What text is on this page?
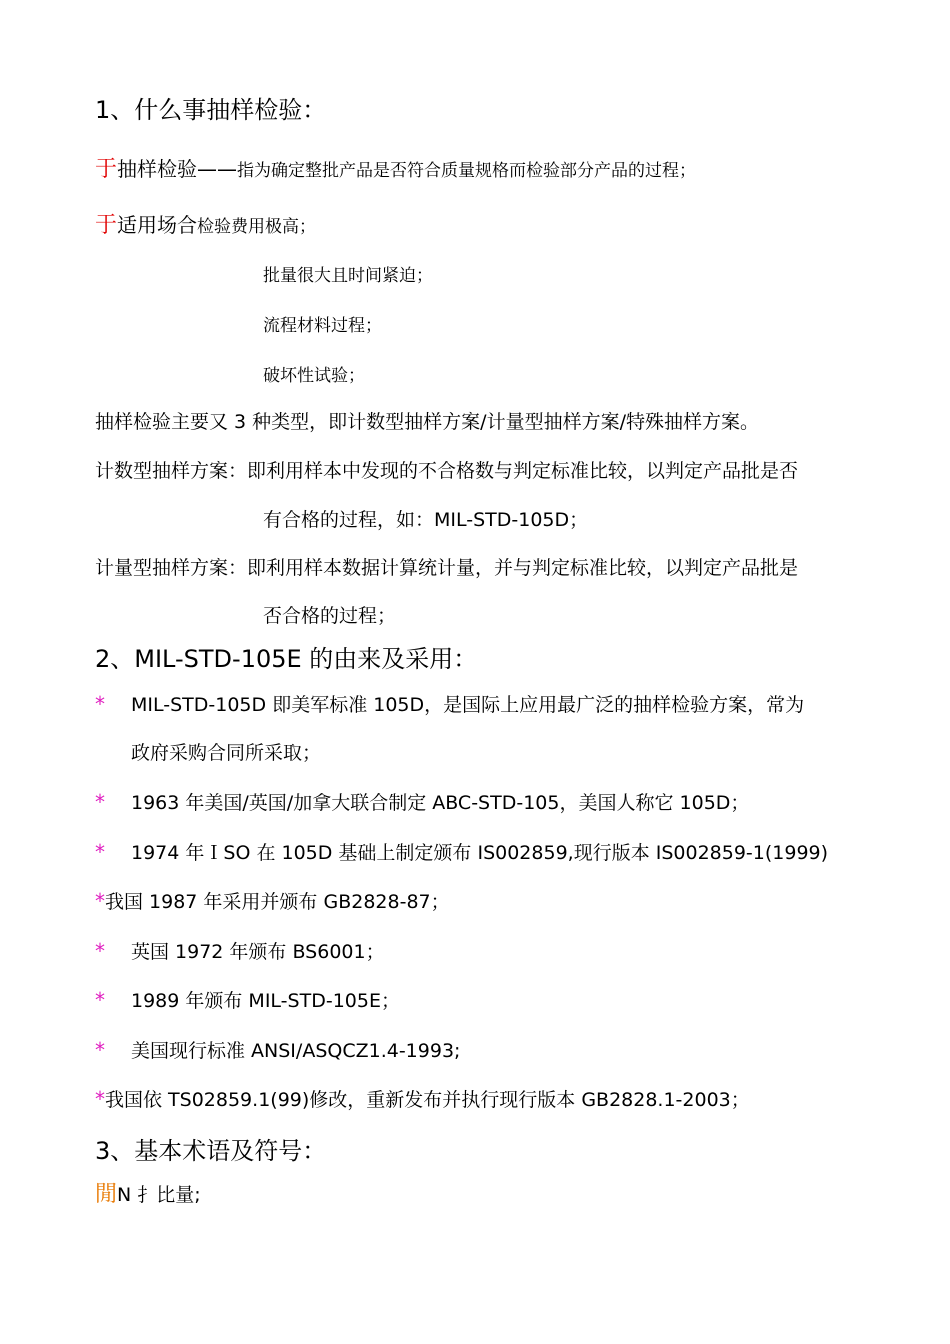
1、什么事抽样检验：
于抽样检验——指为确定整批产品是否符合质量规格而检验部分产品的过程；
于适用场合检验费用极高；
批量很大且时间紧迫；
流程材料过程；
破坏性试验；
抽样检验主要又 3 种类型，即计数型抽样方案/计量型抽样方案/特殊抽样方案。
计数型抽样方案：即利用样本中发现的不合格数与判定标准比较，以判定产品批是否
有合格的过程，如：MIL-STD-105D；
计量型抽样方案：即利用样本数据计算统计量，并与判定标准比较，以判定产品批是
否合格的过程；
2、MIL-STD-105E 的由来及采用：
* MIL-STD-105D 即美军标准 105D，是国际上应用最广泛的抽样检验方案，常为
政府采购合同所采取；
* 1963 年美国/英国/加拿大联合制定 ABC-STD-105，美国人称它 105D；
* 1974 年ＩSO 在 105D 基础上制定颁布 IS002859,现行版本 IS002859-1(1999)
*我国 1987 年采用并颁布 GB2828-87；
* 英国 1972 年颁布 BS6001；
* 1989 年颁布 MIL-STD-105E；
* 美国现行标准 ANSI/ASQCZ1.4-1993;
*我国依 TS02859.1(99)修改，重新发布并执行现行版本 GB2828.1-2003；
3、基本术语及符号：
閒N 扌比量;
